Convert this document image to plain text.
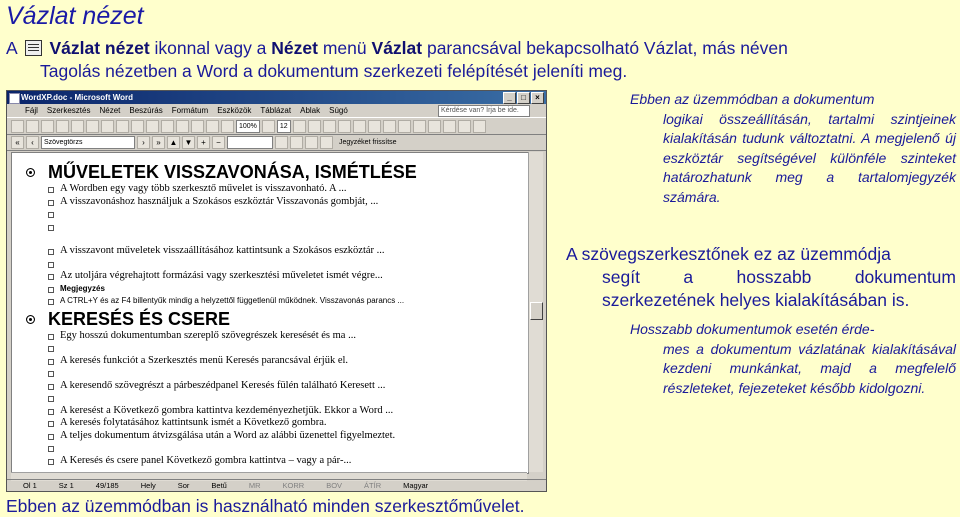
Vázlat nézet
A Vázlat nézet ikonnal vagy a Nézet menü Vázlat parancsával bekapcsolható Vázlat, más néven
Tagolás nézetben a Word a dokumentum szerkezeti felépítését jeleníti meg.
WordXP.doc - Microsoft Word	_	□	×
Fájl Szerkesztés Nézet Beszúrás Formátum Eszközök Táblázat Ablak Súgó	Kérdése van? Írja be ide.
100%	12
«	‹	Szövegtörzs	›	»	▲ ▼	+	−	Jegyzéket frissítse
MŰVELETEK VISSZAVONÁSA, ISMÉTLÉSE
A Wordben egy vagy több szerkesztő művelet is visszavonható. A ...
A visszavonáshoz használjuk a Szokásos eszköztár Visszavonás gombját, ...
A visszavont műveletek visszaállításához kattintsunk a Szokásos eszköztár ...
Az utoljára végrehajtott formázási vagy szerkesztési műveletet ismét végre...
Megjegyzés
A CTRL+Y és az F4 billentyűk mindig a helyzettől függetlenül működnek. Visszavonás parancs ...
KERESÉS ÉS CSERE
Egy hosszú dokumentumban szereplő szövegrészek keresését és ma ...
A keresés funkciót a Szerkesztés menü Keresés parancsával érjük el.
A keresendő szövegrészt a párbeszédpanel Keresés fülén található Keresett ...
A keresést a Következő gombra kattintva kezdeményezhetjük. Ekkor a Word ...
A keresés folytatásához kattintsunk ismét a Következő gombra.
A teljes dokumentum átvizsgálása után a Word az alábbi üzenettel figyelmeztet.
A Keresés és csere panel Következő gombra kattintva – vagy a pár-...
Ol 1	Sz 1	49/185	Hely	Sor	Betű	MR	KORR	BOV	ÁTÍR	Magyar
Ebben az üzemmódban a dokumentum
logikai összeállításán, tartalmi szintjeinek kialakításán tudunk változtatni. A megjelenő új eszköztár segítségével különféle szinteket határozhatunk meg a tartalomjegyzék számára.
A szövegszerkesztőnek ez az üzemmódja
segít a hosszabb dokumentum szerkezetének helyes kialakításában is.
Hosszabb dokumentumok esetén érde-
mes a dokumentum vázlatának kialakításával kezdeni munkánkat, majd a megfelelő részleteket, fejezeteket később kidolgozni.
Ebben az üzemmódban is használható minden szerkesztőművelet.
